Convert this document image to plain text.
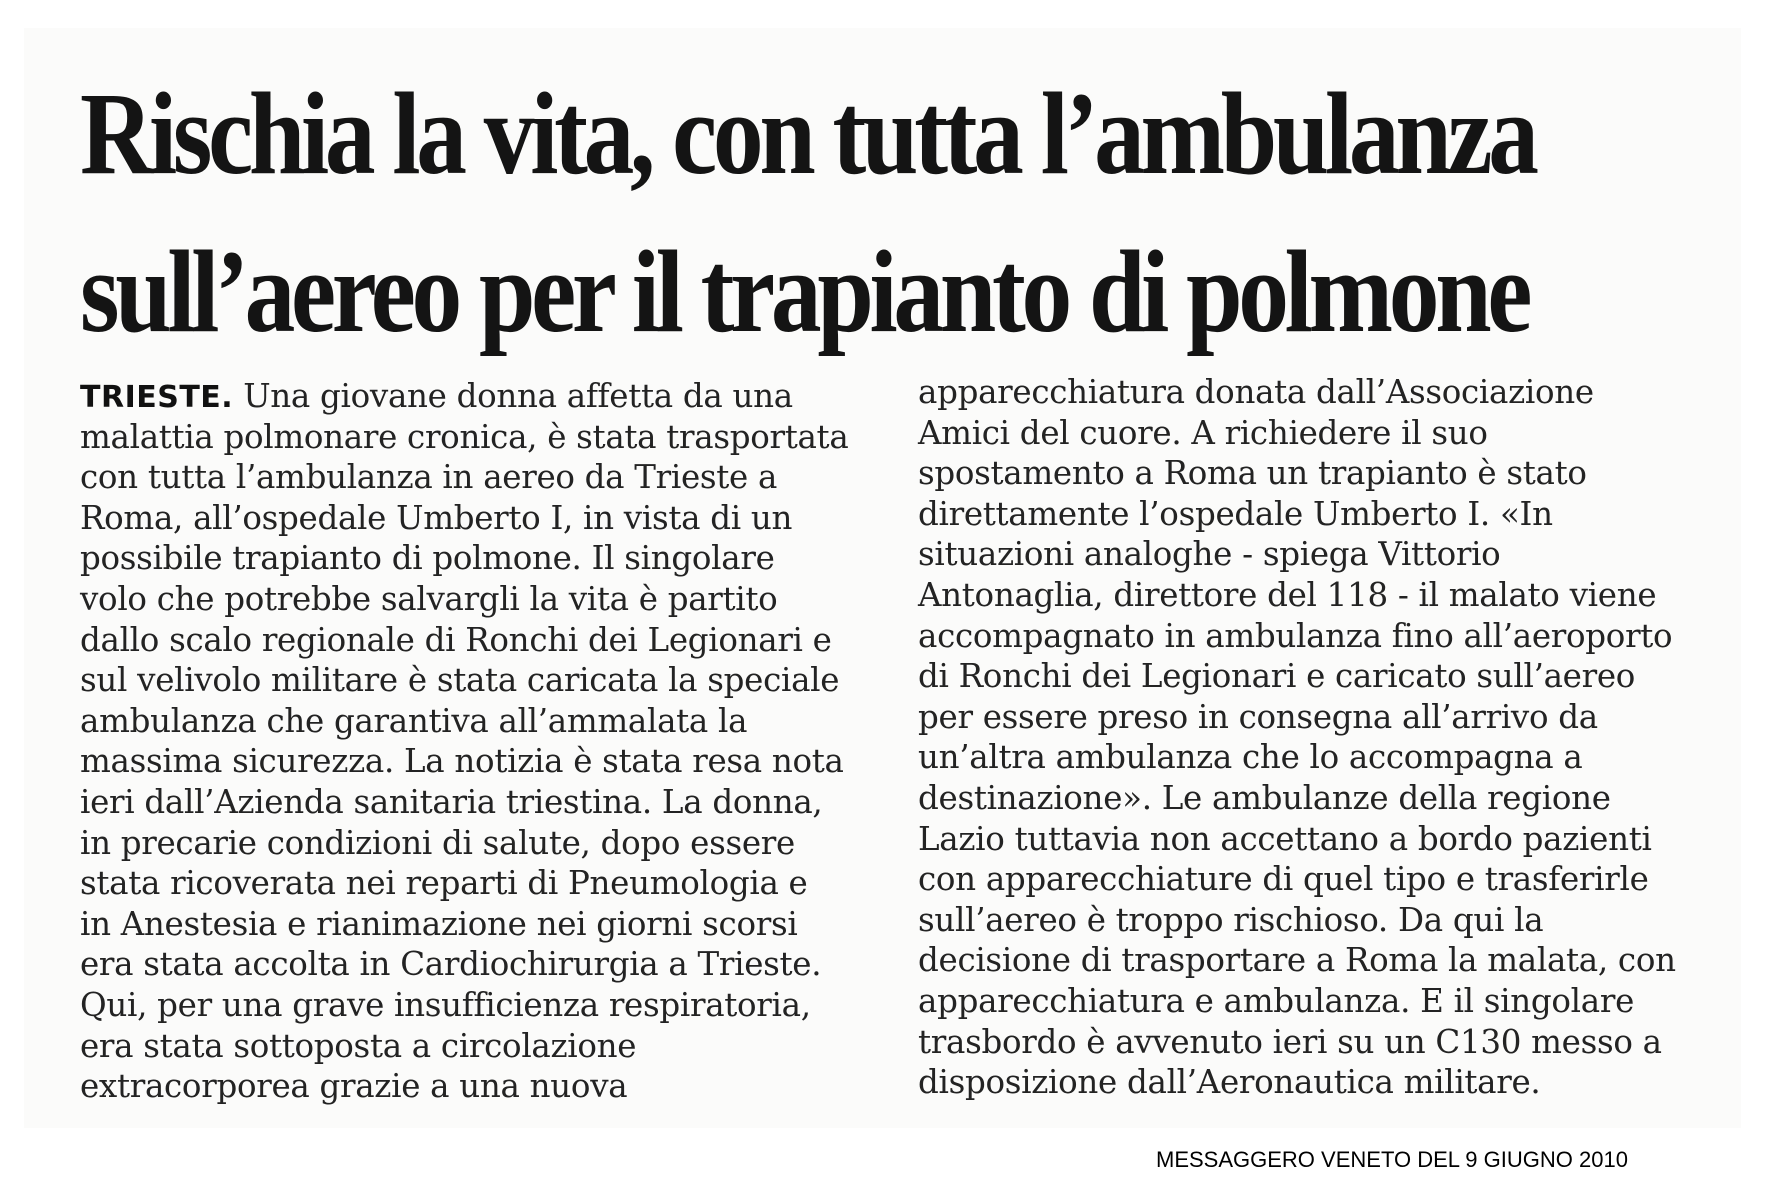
Rischia la vita, con tutta l’ambulanza
sull’aereo per il trapianto di polmone
TRIESTE. Una giovane donna affetta da una
malattia polmonare cronica, è stata trasportata
con tutta l’ambulanza in aereo da Trieste a
Roma, all’ospedale Umberto I, in vista di un
possibile trapianto di polmone. Il singolare
volo che potrebbe salvargli la vita è partito
dallo scalo regionale di Ronchi dei Legionari e
sul velivolo militare è stata caricata la speciale
ambulanza che garantiva all’ammalata la
massima sicurezza. La notizia è stata resa nota
ieri dall’Azienda sanitaria triestina. La donna,
in precarie condizioni di salute, dopo essere
stata ricoverata nei reparti di Pneumologia e
in Anestesia e rianimazione nei giorni scorsi
era stata accolta in Cardiochirurgia a Trieste.
Qui, per una grave insufficienza respiratoria,
era stata sottoposta a circolazione
extracorporea grazie a una nuova
apparecchiatura donata dall’Associazione
Amici del cuore. A richiedere il suo
spostamento a Roma un trapianto è stato
direttamente l’ospedale Umberto I. «In
situazioni analoghe - spiega Vittorio
Antonaglia, direttore del 118 - il malato viene
accompagnato in ambulanza fino all’aeroporto
di Ronchi dei Legionari e caricato sull’aereo
per essere preso in consegna all’arrivo da
un’altra ambulanza che lo accompagna a
destinazione». Le ambulanze della regione
Lazio tuttavia non accettano a bordo pazienti
con apparecchiature di quel tipo e trasferirle
sull’aereo è troppo rischioso. Da qui la
decisione di trasportare a Roma la malata, con
apparecchiatura e ambulanza. E il singolare
trasbordo è avvenuto ieri su un C130 messo a
disposizione dall’Aeronautica militare.
MESSAGGERO VENETO DEL 9 GIUGNO 2010
